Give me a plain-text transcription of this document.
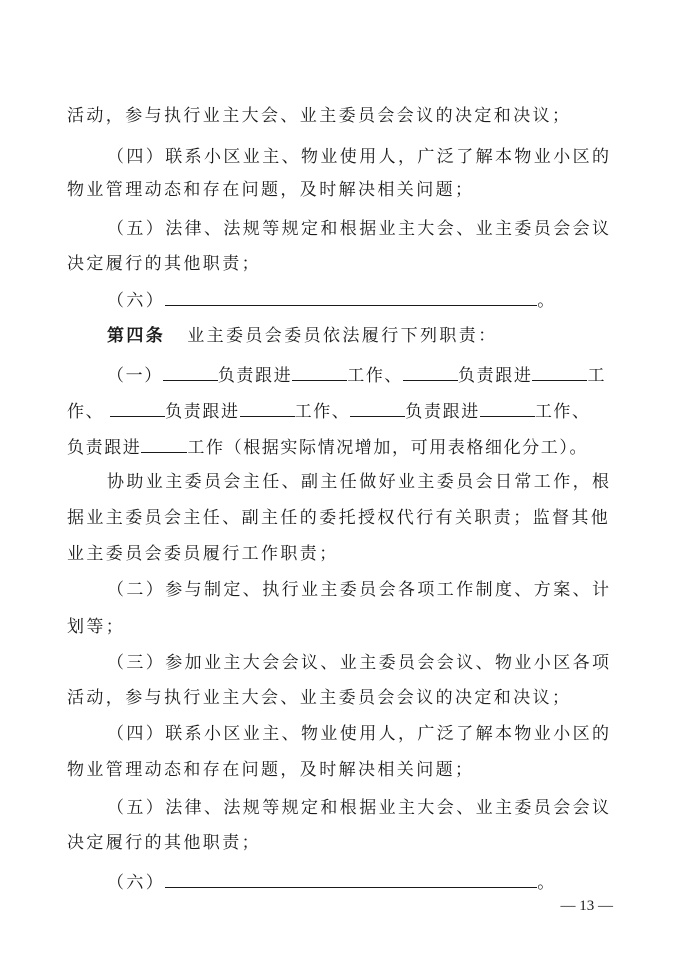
活动，参与执行业主大会、业主委员会会议的决定和决议；
（四）联系小区业主、物业使用人，广泛了解本物业小区的
物业管理动态和存在问题，及时解决相关问题；
（五）法律、法规等规定和根据业主大会、业主委员会会议
决定履行的其他职责；
（六）	。
第四条 业主委员会委员依法履行下列职责：
（一）	负责跟进	工作、	负责跟进	工
作、	负责跟进	工作、	负责跟进	工作、
负责跟进	工作（根据实际情况增加，可用表格细化分工）。
协助业主委员会主任、副主任做好业主委员会日常工作，根
据业主委员会主任、副主任的委托授权代行有关职责；监督其他
业主委员会委员履行工作职责；
（二）参与制定、执行业主委员会各项工作制度、方案、计
划等；
（三）参加业主大会会议、业主委员会会议、物业小区各项
活动，参与执行业主大会、业主委员会会议的决定和决议；
（四）联系小区业主、物业使用人，广泛了解本物业小区的
物业管理动态和存在问题，及时解决相关问题；
（五）法律、法规等规定和根据业主大会、业主委员会会议
决定履行的其他职责；
（六）	。
— 13 —
